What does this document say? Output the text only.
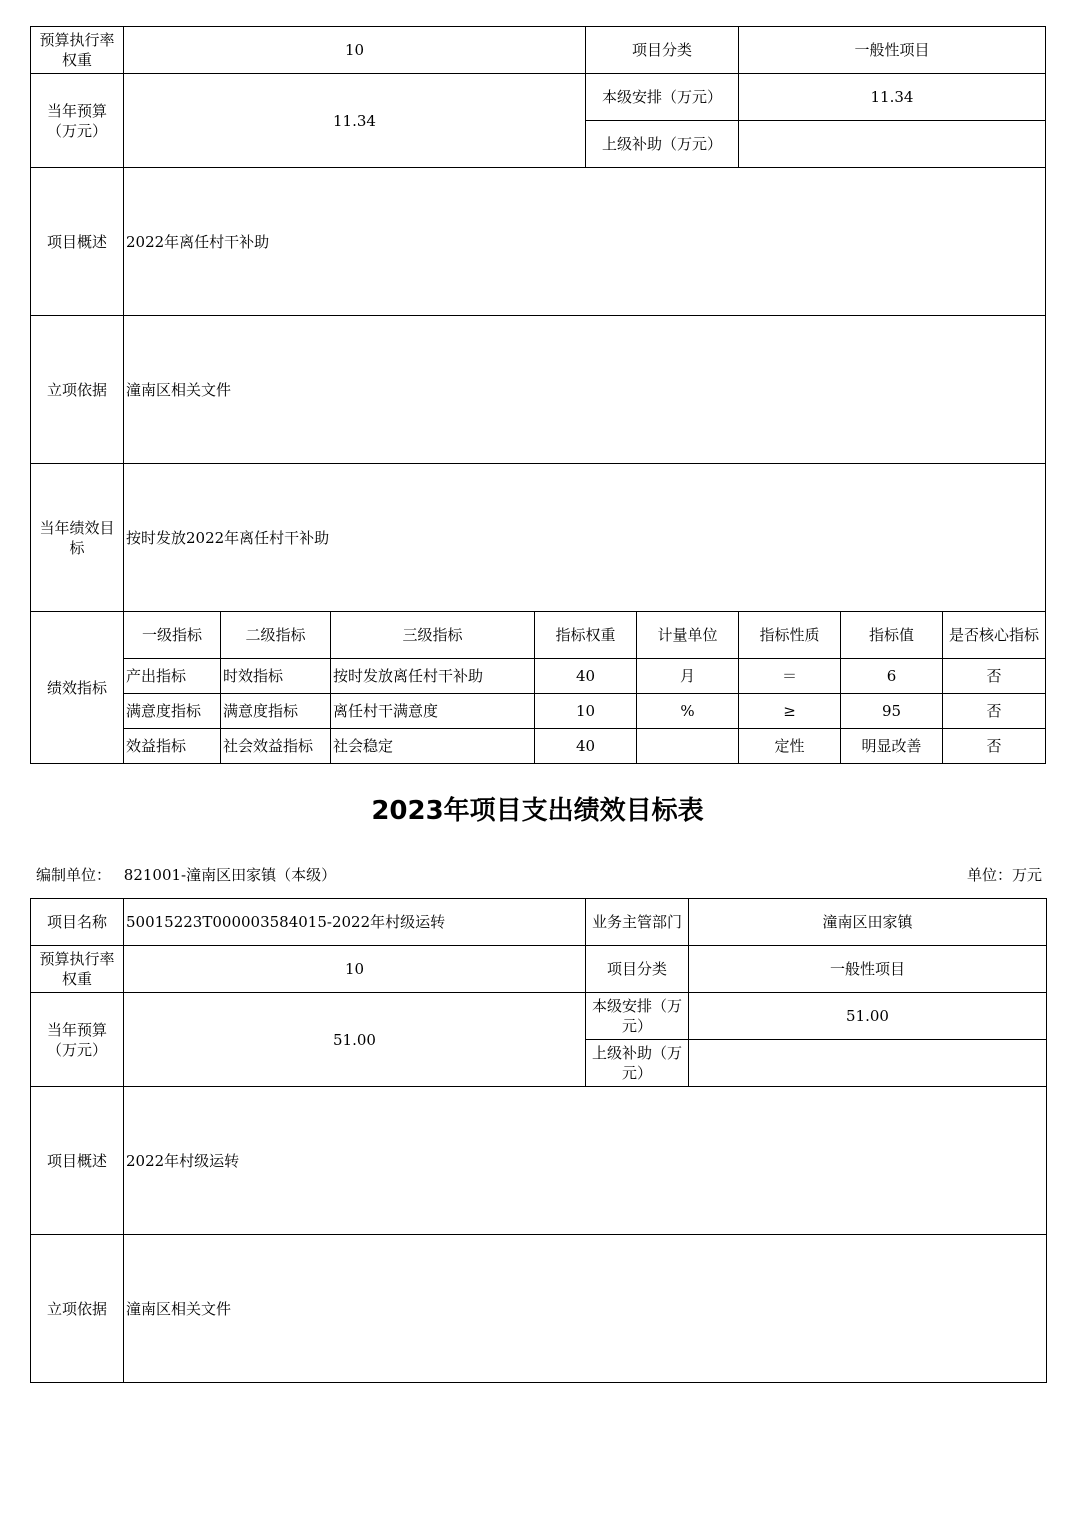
预算执行率权重	10				项目分类		一般性项目		
当年预算（万元）	11.34				本级安排（万元）		11.34		
					上级补助（万元）				
项目概述	2022年离任村干补助								
立项依据	潼南区相关文件								
当年绩效目标	按时发放2022年离任村干补助								
绩效指标	一级指标	二级指标	三级指标	指标权重		计量单位	指标性质	指标值	是否核心指标
	产出指标	时效指标	按时发放离任村干补助	40		月	＝	6	否
	满意度指标	满意度指标	离任村干满意度	10		%	≥	95	否
	效益指标	社会效益指标	社会稳定	40			定性	明显改善	否
2023年项目支出绩效目标表
编制单位： 821001-潼南区田家镇（本级）	单位：万元
项目名称	50015223T000003584015-2022年村级运转	业务主管部门	潼南区田家镇
预算执行率权重	10	项目分类	一般性项目
当年预算（万元）	51.00	本级安排（万元）	51.00
		上级补助（万元）	
项目概述	2022年村级运转		
立项依据	潼南区相关文件		
